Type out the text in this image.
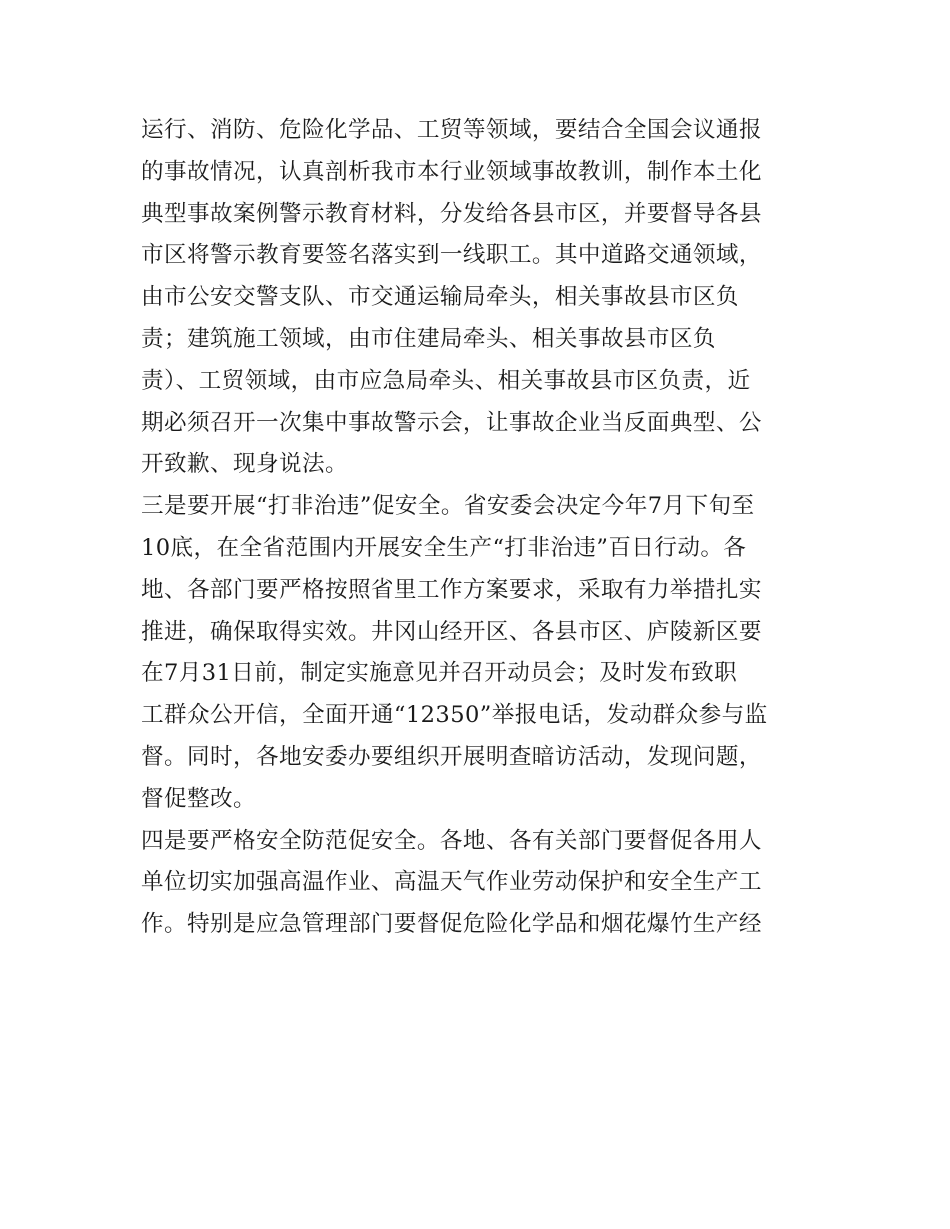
运行、消防、危险化学品、工贸等领域，要结合全国会议通报
的事故情况，认真剖析我市本行业领域事故教训，制作本土化
典型事故案例警示教育材料，分发给各县市区，并要督导各县
市区将警示教育要签名落实到一线职工。其中道路交通领域，
由市公安交警支队、市交通运输局牵头，相关事故县市区负
责；建筑施工领域，由市住建局牵头、相关事故县市区负
责）、工贸领域，由市应急局牵头、相关事故县市区负责，近
期必须召开一次集中事故警示会，让事故企业当反面典型、公
开致歉、现身说法。
三是要开展“打非治违”促安全。省安委会决定今年7月下旬至
10底，在全省范围内开展安全生产“打非治违”百日行动。各
地、各部门要严格按照省里工作方案要求，采取有力举措扎实
推进，确保取得实效。井冈山经开区、各县市区、庐陵新区要
在7月31日前，制定实施意见并召开动员会；及时发布致职
工群众公开信，全面开通“12350”举报电话，发动群众参与监
督。同时，各地安委办要组织开展明查暗访活动，发现问题，
督促整改。
四是要严格安全防范促安全。各地、各有关部门要督促各用人
单位切实加强高温作业、高温天气作业劳动保护和安全生产工
作。特别是应急管理部门要督促危险化学品和烟花爆竹生产经
